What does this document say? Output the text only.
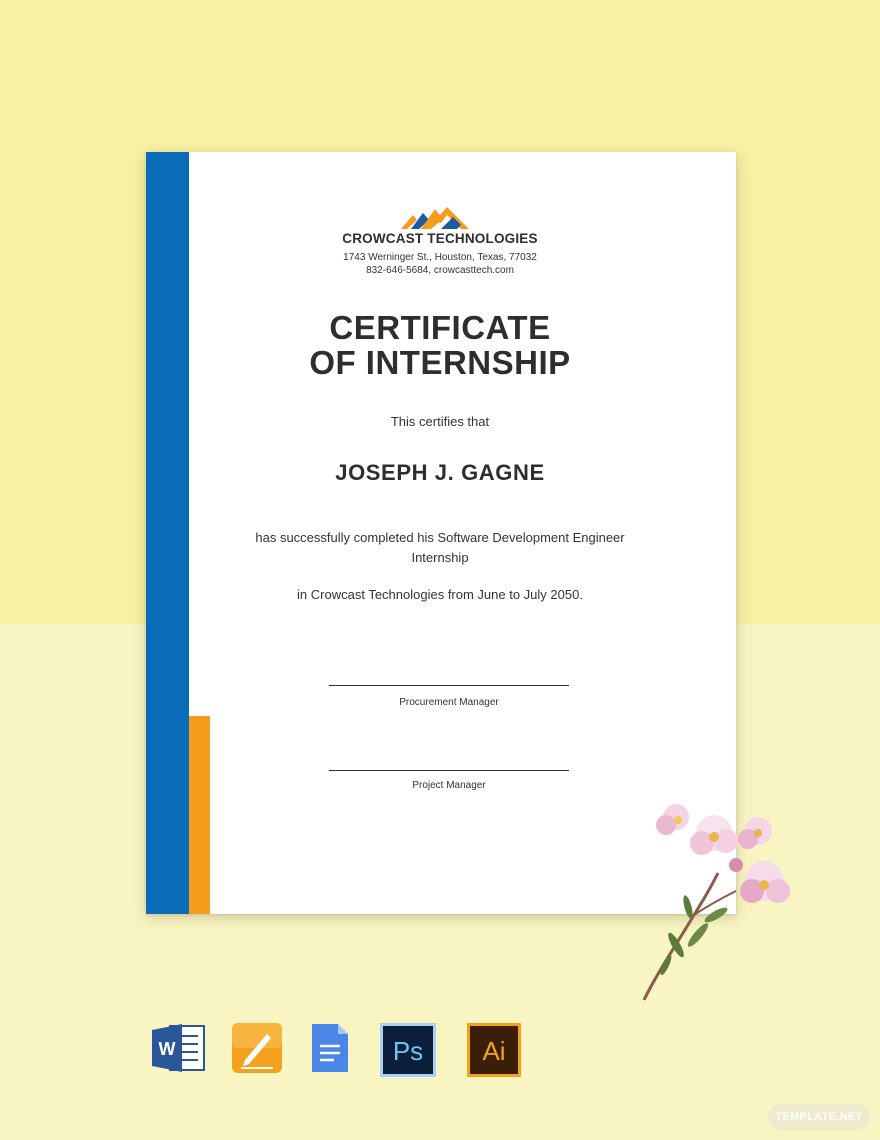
CROWCAST TECHNOLOGIES
1743 Werninger St., Houston, Texas, 77032
832-646-5684, crowcasttech.com
CERTIFICATE
OF INTERNSHIP
This certifies that
JOSEPH J. GAGNE
has successfully completed his Software Development Engineer Internship
in Crowcast Technologies from June to July 2050.
Procurement Manager
Project Manager
W	Ps Ai
TEMPLATE.NET
